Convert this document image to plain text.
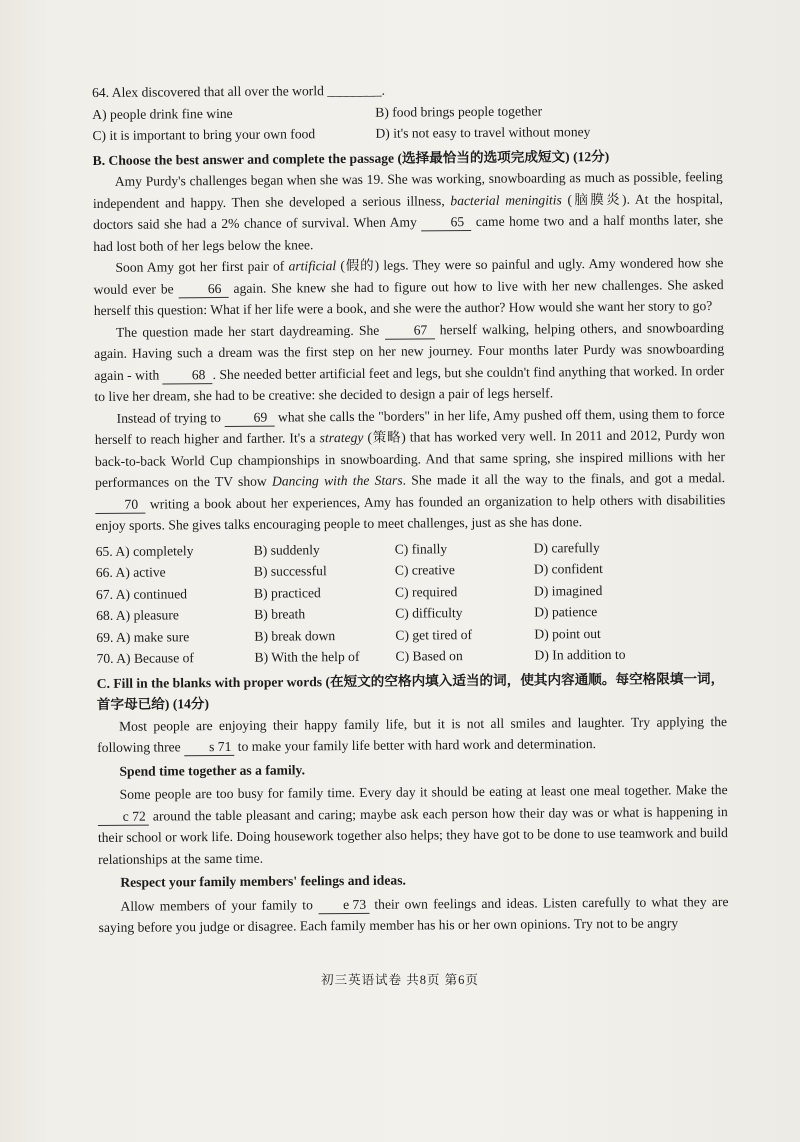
64. Alex discovered that all over the world ________.
A) people drink fine wine	B) food brings people together
C) it is important to bring your own food	D) it's not easy to travel without money
B. Choose the best answer and complete the passage (选择最恰当的选项完成短文) (12分)

Amy Purdy's challenges began when she was 19. She was working, snowboarding as much as possible, feeling independent and happy. Then she developed a serious illness, bacterial meningitis (脑膜炎). At the hospital, doctors said she had a 2% chance of survival. When Amy 65 came home two and a half months later, she had lost both of her legs below the knee.

Soon Amy got her first pair of artificial (假的) legs. They were so painful and ugly. Amy wondered how she would ever be	66 again. She knew she had to figure out how to live with her new challenges. She asked herself this question: What if her life were a book, and she were the author? How would she want her story to go?

The question made her start daydreaming. She	67 herself walking, helping others, and snowboarding again. Having such a dream was the first step on her new journey. Four months later Purdy was snowboarding again - with 68 . She needed better artificial feet and legs, but she couldn't find anything that worked. In order to live her dream, she had to be creative: she decided to design a pair of legs herself.

Instead of trying to 69 what she calls the "borders" in her life, Amy pushed off them, using them to force herself to reach higher and farther. It's a strategy (策略) that has worked very well. In 2011 and 2012, Purdy won back-to-back World Cup championships in snowboarding. And that same spring, she inspired millions with her performances on the TV show Dancing with the Stars. She made it all the way to the finals, and got a medal. 70 writing a book about her experiences, Amy has founded an organization to help others with disabilities enjoy sports. She gives talks encouraging people to meet challenges, just as she has done.

65. A) completely	B) suddenly	C) finally	D) carefully
66. A) active	B) successful	C) creative	D) confident
67. A) continued	B) practiced	C) required	D) imagined
68. A) pleasure	B) breath	C) difficulty	D) patience
69. A) make sure	B) break down	C) get tired of	D) point out
70. A) Because of	B) With the help of	C) Based on	D) In addition to
C. Fill in the blanks with proper words (在短文的空格内填入适当的词，使其内容通顺。每空格限填一词，首字母已给) (14分)

Most people are enjoying their happy family life, but it is not all smiles and laughter. Try applying the following three s 71 to make your family life better with hard work and determination.

Spend time together as a family.

Some people are too busy for family time. Every day it should be eating at least one meal together. Make the c 72 around the table pleasant and caring; maybe ask each person how their day was or what is happening in their school or work life. Doing housework together also helps; they have got to be done to use teamwork and build relationships at the same time.

Respect your family members' feelings and ideas.

Allow members of your family to e 73 their own feelings and ideas. Listen carefully to what they are saying before you judge or disagree. Each family member has his or her own opinions. Try not to be angry

初三英语试卷 共8页 第6页
